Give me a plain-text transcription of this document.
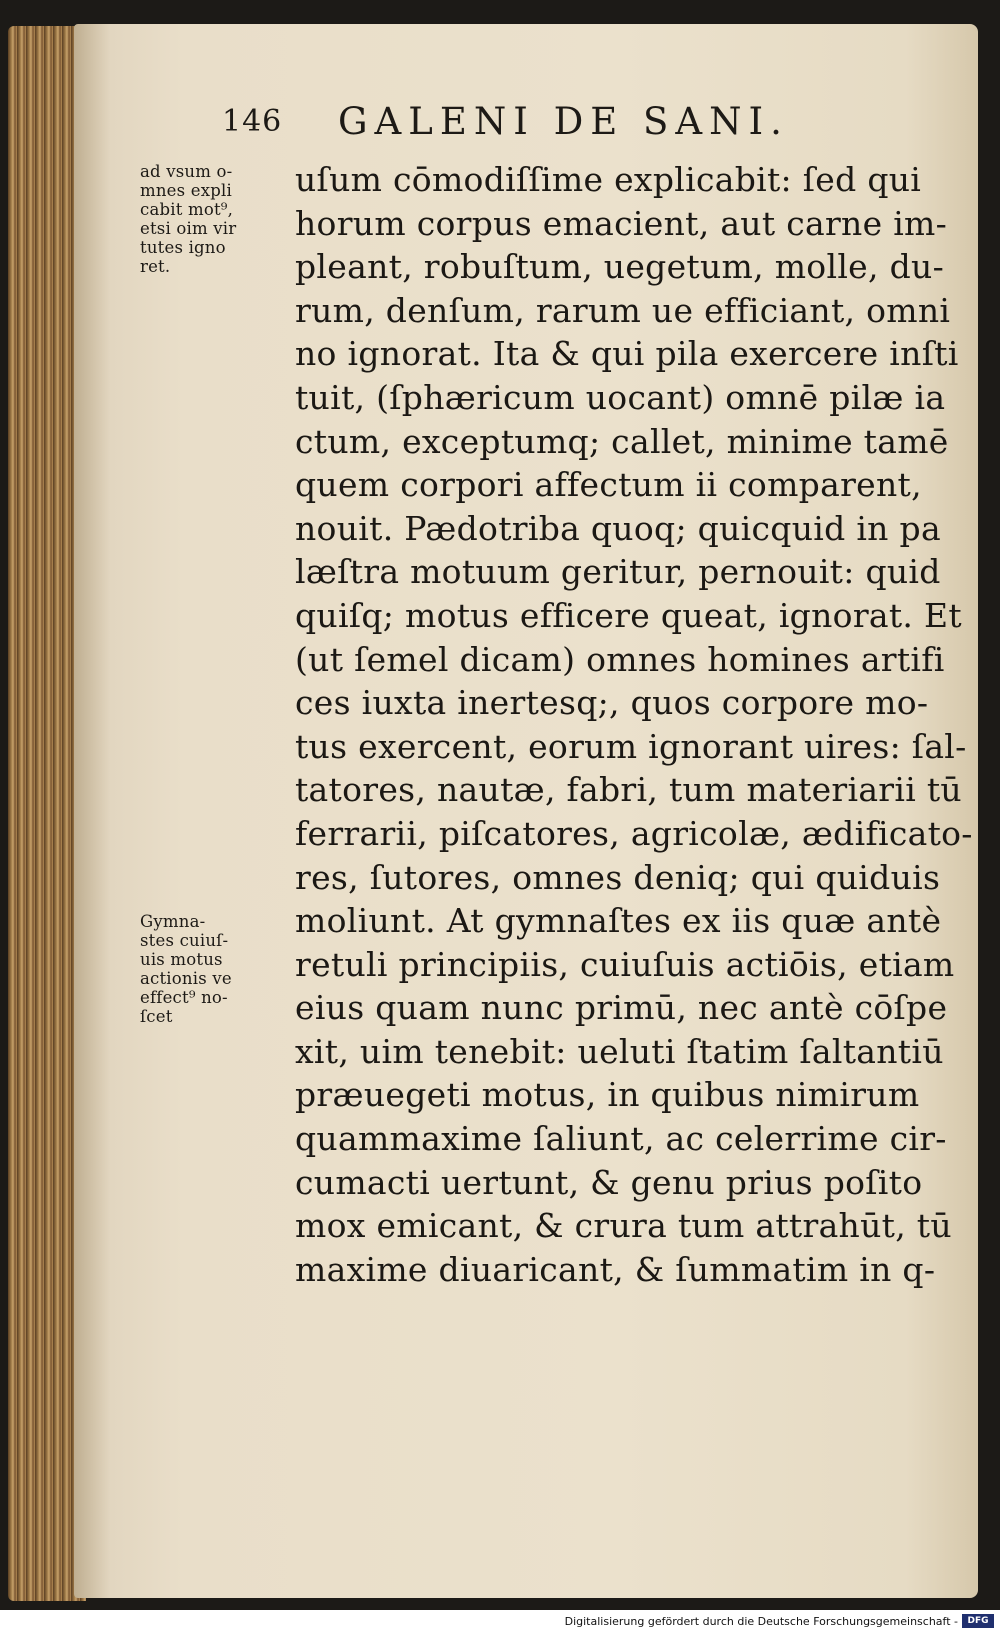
146 GALENI DE SANI.
ad vsum o-
mnes expli
cabit mot⁹,
etsi oim vir
tutes igno
ret.
Gymna-
stes cuiuſ-
uis motus
actionis ve
effect⁹ no-
ſcet
uſum cōmodiſſime explicabit: ſed qui
horum corpus emacient, aut carne im-
pleant, robuſtum, uegetum, molle, du-
rum, denſum, rarum ue efficiant, omni
no ignorat. Ita & qui pila exercere inſti
tuit, (ſphæricum uocant) omnē pilæ ia
ctum, exceptumq; callet, minime tamē
quem corpori affectum ii comparent,
nouit. Pædotriba quoq; quicquid in pa
læſtra motuum geritur, pernouit: quid
quiſq; motus efficere queat, ignorat. Et
(ut ſemel dicam) omnes homines artifi
ces iuxta inertesq;, quos corpore mo-
tus exercent, eorum ignorant uires: ſal-
tatores, nautæ, fabri, tum materiarii tū
ferrarii, piſcatores, agricolæ, ædificato-
res, ſutores, omnes deniq; qui quiduis
moliunt. At gymnaſtes ex iis quæ antè
retuli principiis, cuiuſuis actiōis, etiam
eius quam nunc primū, nec antè cōſpe
xit, uim tenebit: ueluti ſtatim ſaltantiū
præuegeti motus, in quibus nimirum
quammaxime ſaliunt, ac celerrime cir-
cumacti uertunt, & genu prius poſito
mox emicant, & crura tum attrahūt, tū
maxime diuaricant, & ſummatim in q-
Digitalisierung gefördert durch die Deutsche Forschungsgemeinschaft -	DFG
